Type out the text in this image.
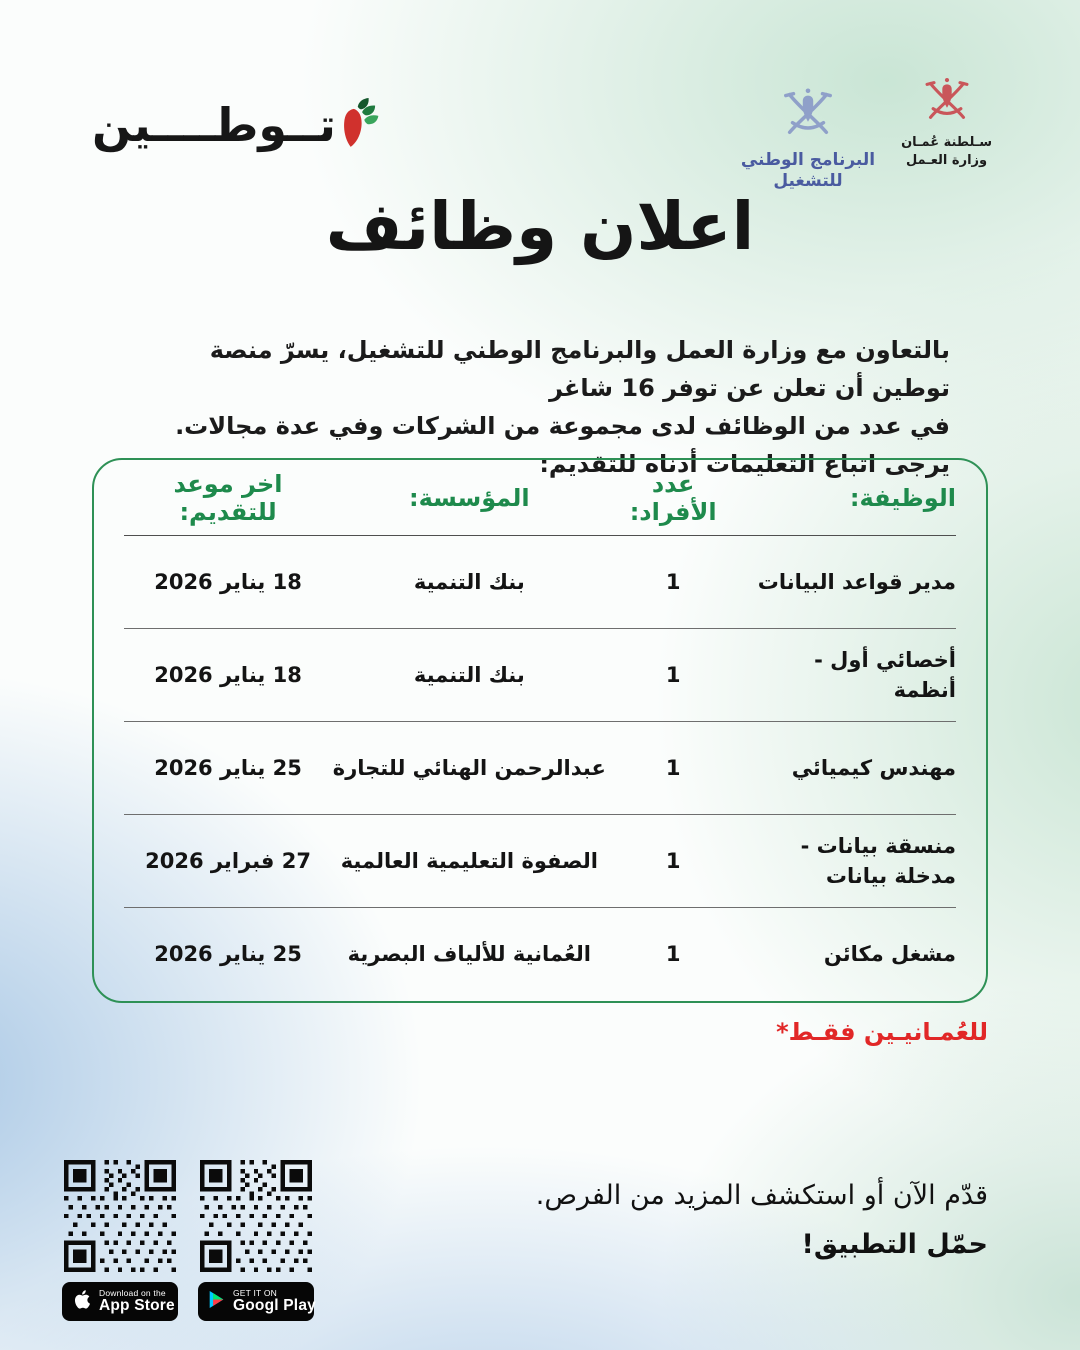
تــوطــــين
البرنامج الوطني
للتشغيل
سـلطنة عُمـان
وزارة العـمل
اعلان وظائف
بالتعاون مع وزارة العمل والبرنامج الوطني للتشغيل، يسرّ منصة توطين أن تعلن عن توفر 16 شاغر
في عدد من الوظائف لدى مجموعة من الشركات وفي عدة مجالات.
يرجى اتباع التعليمات أدناه للتقديم:
الوظيفة:
عدد الأفراد:
المؤسسة:
اخر موعد للتقديم:
مدير قواعد البيانات
1
بنك التنمية
18 يناير 2026
أخصائي أول - أنظمة
1
بنك التنمية
18 يناير 2026
مهندس كيميائي
1
عبدالرحمن الهنائي للتجارة
25 يناير 2026
منسقة بيانات - مدخلة بيانات
1
الصفوة التعليمية العالمية
27 فبراير 2026
مشغل مكائن
1
العُمانية للألياف البصرية
25 يناير 2026
للعُمـانيـين فقـط*
قدّم الآن أو استكشف المزيد من الفرص.
حمّل التطبيق!
Download on the
App Store
GET IT ON
Googl Play
